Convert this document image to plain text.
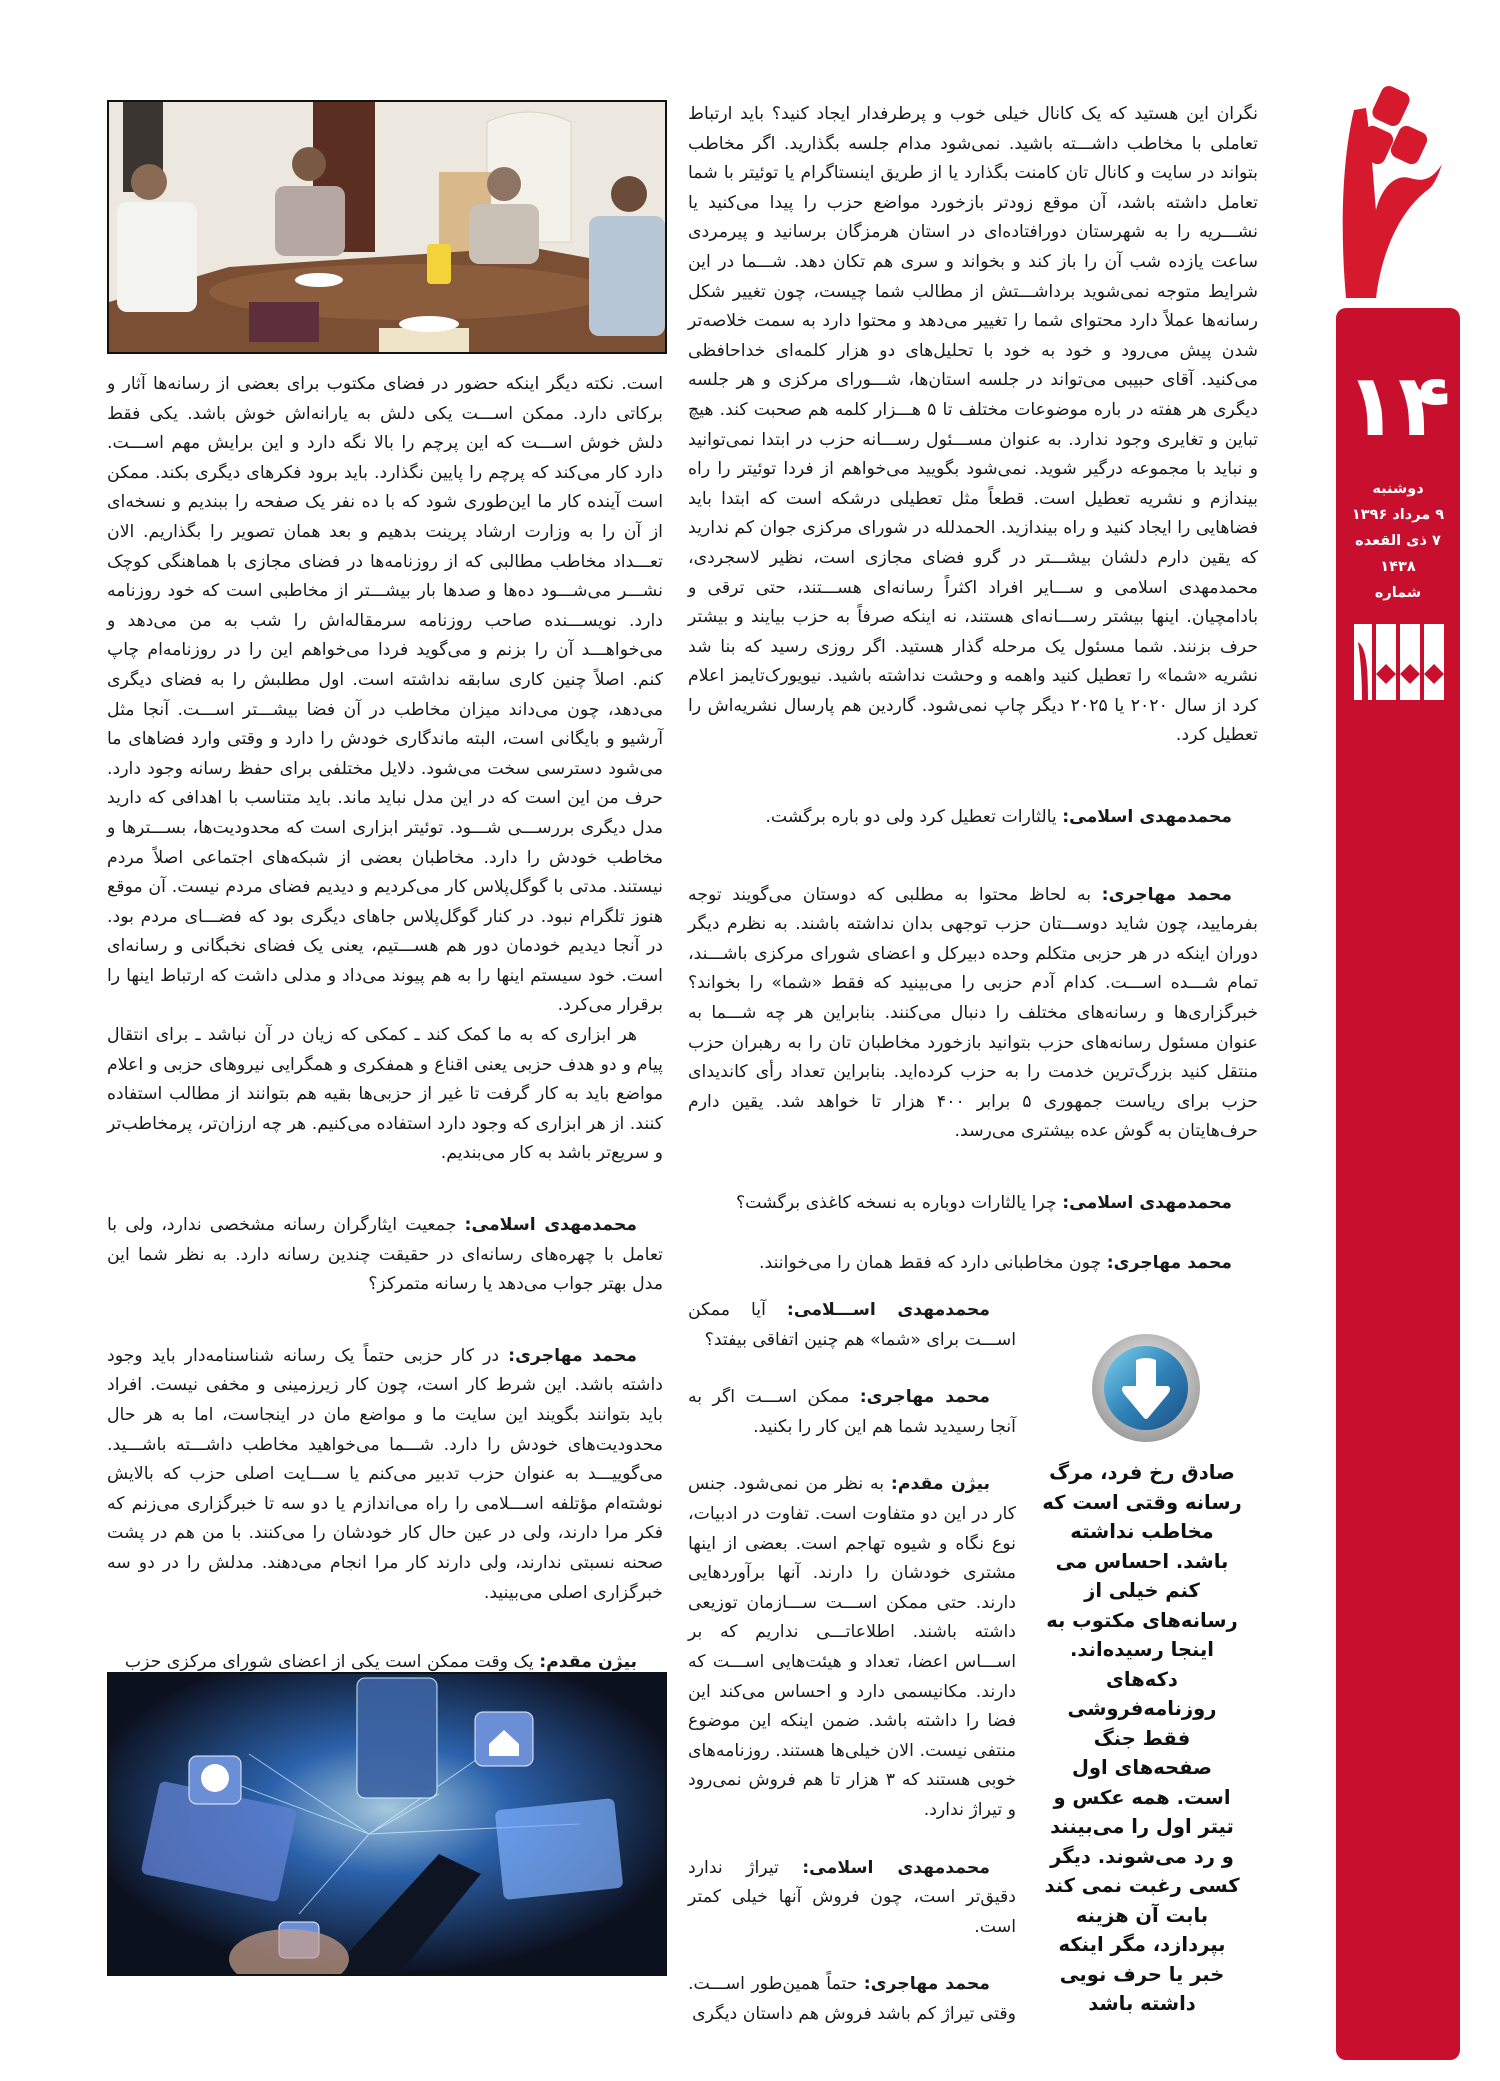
۱۴
دوشنبه
۹ مرداد ۱۳۹۶
۷ ذی القعده ۱۴۳۸
شماره

نگران این هستید که یک کانال خیلی خوب و پرطرفدار ایجاد کنید؟ باید ارتباط تعاملی با مخاطب داشـــته باشید. نمی‌شود مدام جلسه بگذارید. اگر مخاطب بتواند در سایت و کانال تان کامنت بگذارد یا از طریق اینستاگرام یا توئیتر با شما تعامل داشته باشد، آن موقع زودتر بازخورد مواضع حزب را پیدا می‌کنید یا نشـــریه را به شهرستان دورافتاده‌ای در استان هرمزگان برسانید و پیرمردی ساعت یازده شب آن را باز کند و بخواند و سری هم تکان دهد. شـــما در این شرایط متوجه نمی‌شوید برداشـــتش از مطالب شما چیست، چون تغییر شکل رسانه‌ها عملاً دارد محتوای شما را تغییر می‌دهد و محتوا دارد به سمت خلاصه‌تر شدن پیش می‌رود و خود به خود با تحلیل‌های دو هزار کلمه‌ای خداحافظی می‌کنید. آقای حبیبی می‌تواند در جلسه استان‌ها، شـــورای مرکزی و هر جلسه دیگری هر هفته در باره موضوعات مختلف تا ۵ هـــزار کلمه هم صحبت کند. هیچ تباین و تغایری وجود ندارد. به عنوان مســـئول رســـانه حزب در ابتدا نمی‌توانید و نباید با مجموعه درگیر شوید. نمی‌شود بگویید می‌خواهم از فردا توئیتر را راه بیندازم و نشریه تعطیل است. قطعاً مثل تعطیلی درشکه است که ابتدا باید فضاهایی را ایجاد کنید و راه بیندازید. الحمدلله در شورای مرکزی جوان کم ندارید که یقین دارم دلشان بیشـــتر در گرو فضای مجازی است، نظیر لاسجردی، محمدمهدی اسلامی و ســـایر افراد اکثراً رسانه‌ای هســـتند، حتی ترقی و بادامچیان. اینها بیشتر رســـانه‌ای هستند، نه اینکه صرفاً به حزب بیایند و بیشتر حرف بزنند. شما مسئول یک مرحله گذار هستید. اگر روزی رسید که بنا شد نشریه «شما» را تعطیل کنید واهمه و وحشت نداشته باشید. نیویورک‌تایمز اعلام کرد از سال ۲۰۲۰ یا ۲۰۲۵ دیگر چاپ نمی‌شود. گاردین هم پارسال نشریه‌اش را تعطیل کرد.

محمدمهدی اسلامی: یالثارات تعطیل کرد ولی دو باره برگشت.

محمد مهاجری: به لحاظ محتوا به مطلبی که دوستان می‌گویند توجه بفرمایید، چون شاید دوســـتان حزب توجهی بدان نداشته باشند. به نظرم دیگر دوران اینکه در هر حزبی متکلم وحده دبیرکل و اعضای شورای مرکزی باشـــند، تمام شـــده اســـت. کدام آدم حزبی را می‌بینید که فقط «شما» را بخواند؟ خبرگزاری‌ها و رسانه‌های مختلف را دنبال می‌کنند. بنابراین هر چه شـــما به عنوان مسئول رسانه‌های حزب بتوانید بازخورد مخاطبان تان را به رهبران حزب منتقل کنید بزرگ‌ترین خدمت را به حزب کرده‌اید. بنابراین تعداد رأی کاندیدای حزب برای ریاست جمهوری ۵ برابر ۴۰۰ هزار تا خواهد شد. یقین دارم حرف‌هایتان به گوش عده بیشتری می‌رسد.

محمدمهدی اسلامی: چرا یالثارات دوباره به نسخه کاغذی برگشت؟

محمد مهاجری: چون مخاطبانی دارد که فقط همان را می‌خوانند.

محمدمهدی اســـلامی: آیا ممکن اســـت برای «شما» هم چنین اتفاقی بیفتد؟

محمد مهاجری: ممکن اســـت اگر به آنجا رسیدید شما هم این کار را بکنید.

بیژن مقدم: به نظر من نمی‌شود. جنس کار در این دو متفاوت است. تفاوت در ادبیات، نوع نگاه و شیوه تهاجم است. بعضی از اینها مشتری خودشان را دارند. آنها برآوردهایی دارند. حتی ممکن اســـت ســـازمان توزیعی داشته باشند. اطلاعاتـــی نداریم که بر اســـاس اعضا، تعداد و هیئت‌هایی اســـت که دارند. مکانیسمی دارد و احساس می‌کند این فضا را داشته باشد. ضمن اینکه این موضوع منتفی نیست. الان خیلی‌ها هستند. روزنامه‌های خوبی هستند که ۳ هزار تا هم فروش نمی‌رود و تیراژ ندارد.

محمدمهدی اسلامی: تیراژ ندارد دقیق‌تر است، چون فروش آنها خیلی کمتر است.

محمد مهاجری: حتماً همین‌طور اســـت. وقتی تیراژ کم باشد فروش هم داستان دیگری

صادق رخ فرد، مرگ رسانه وقتی است که مخاطب نداشته باشد. احساس می کنم خیلی از رسانه‌های مکتوب به اینجا رسیده‌اند. دکه‌های روزنامه‌فروشی فقط جنگ صفحه‌های اول است. همه عکس و تیتر اول را می‌بینند و رد می‌شوند. دیگر کسی رغبت نمی کند بابت آن هزینه بپردازد، مگر اینکه خبر یا حرف نویی داشته باشد

است. نکته دیگر اینکه حضور در فضای مکتوب برای بعضی از رسانه‌ها آثار و برکاتی دارد. ممکن اســـت یکی دلش به یارانه‌اش خوش باشد. یکی فقط دلش خوش اســـت که این پرچم را بالا نگه دارد و این برایش مهم اســـت. دارد کار می‌کند که پرچم را پایین نگذارد. باید برود فکرهای دیگری بکند. ممکن است آینده کار ما این‌طوری شود که با ده نفر یک صفحه را ببندیم و نسخه‌ای از آن را به وزارت ارشاد پرینت بدهیم و بعد همان تصویر را بگذاریم. الان تعـــداد مخاطب مطالبی که از روزنامه‌ها در فضای مجازی با هماهنگی کوچک نشـــر می‌شـــود ده‌ها و صدها بار بیشـــتر از مخاطبی است که خود روزنامه دارد. نویســـنده صاحب روزنامه سرمقاله‌اش را شب به من می‌دهد و می‌خواهـــد آن را بزنم و می‌گوید فردا می‌خواهم این را در روزنامه‌ام چاپ کنم. اصلاً چنین کاری سابقه نداشته است. اول مطلبش را به فضای دیگری می‌دهد، چون می‌داند میزان مخاطب در آن فضا بیشـــتر اســـت. آنجا مثل آرشیو و بایگانی است، البته ماندگاری خودش را دارد و وقتی وارد فضاهای ما می‌شود دسترسی سخت می‌شود. دلایل مختلفی برای حفظ رسانه وجود دارد. حرف من این است که در این مدل نباید ماند. باید متناسب با اهدافی که دارید مدل دیگری بررســـی شـــود. توئیتر ابزاری است که محدودیت‌ها، بســـترها و مخاطب خودش را دارد. مخاطبان بعضی از شبکه‌های اجتماعی اصلاً مردم نیستند. مدتی با گوگل‌پلاس کار می‌کردیم و دیدیم فضای مردم نیست. آن موقع هنوز تلگرام نبود. در کنار گوگل‌پلاس جاهای دیگری بود که فضـــای مردم بود. در آنجا دیدیم خودمان دور هم هســـتیم، یعنی یک فضای نخبگانی و رسانه‌ای است. خود سیستم اینها را به هم پیوند می‌داد و مدلی داشت که ارتباط اینها را برقرار می‌کرد.

هر ابزاری که به ما کمک کند ـ کمکی که زیان در آن نباشد ـ برای انتقال پیام و دو هدف حزبی یعنی اقناع و همفکری و همگرایی نیروهای حزبی و اعلام مواضع باید به کار گرفت تا غیر از حزبی‌ها بقیه هم بتوانند از مطالب استفاده کنند. از هر ابزاری که وجود دارد استفاده می‌کنیم. هر چه ارزان‌تر، پرمخاطب‌تر و سریع‌تر باشد به کار می‌بندیم.

محمدمهدی اسلامی: جمعیت ایثارگران رسانه مشخصی ندارد، ولی با تعامل با چهره‌های رسانه‌ای در حقیقت چندین رسانه دارد. به نظر شما این مدل بهتر جواب می‌دهد یا رسانه متمرکز؟

محمد مهاجری: در کار حزبی حتماً یک رسانه شناسنامه‌دار باید وجود داشته باشد. این شرط کار است، چون کار زیرزمینی و مخفی نیست. افراد باید بتوانند بگویند این سایت ما و مواضع مان در اینجاست، اما به هر حال محدودیت‌های خودش را دارد. شـــما می‌خواهید مخاطب داشـــته باشـــید. می‌گوییـــد به عنوان حزب تدبیر می‌کنم یا ســـایت اصلی حزب که بالایش نوشته‌ام مؤتلفه اســـلامی را راه می‌اندازم یا دو سه تا خبرگزاری می‌زنم که فکر مرا دارند، ولی در عین حال کار خودشان را می‌کنند. با من هم در پشت صحنه نسبتی ندارند، ولی دارند کار مرا انجام می‌دهند. مدلش را در دو سه خبرگزاری اصلی می‌بینید.

بیژن مقدم: یک وقت ممکن است یکی از اعضای شورای مرکزی حزب
